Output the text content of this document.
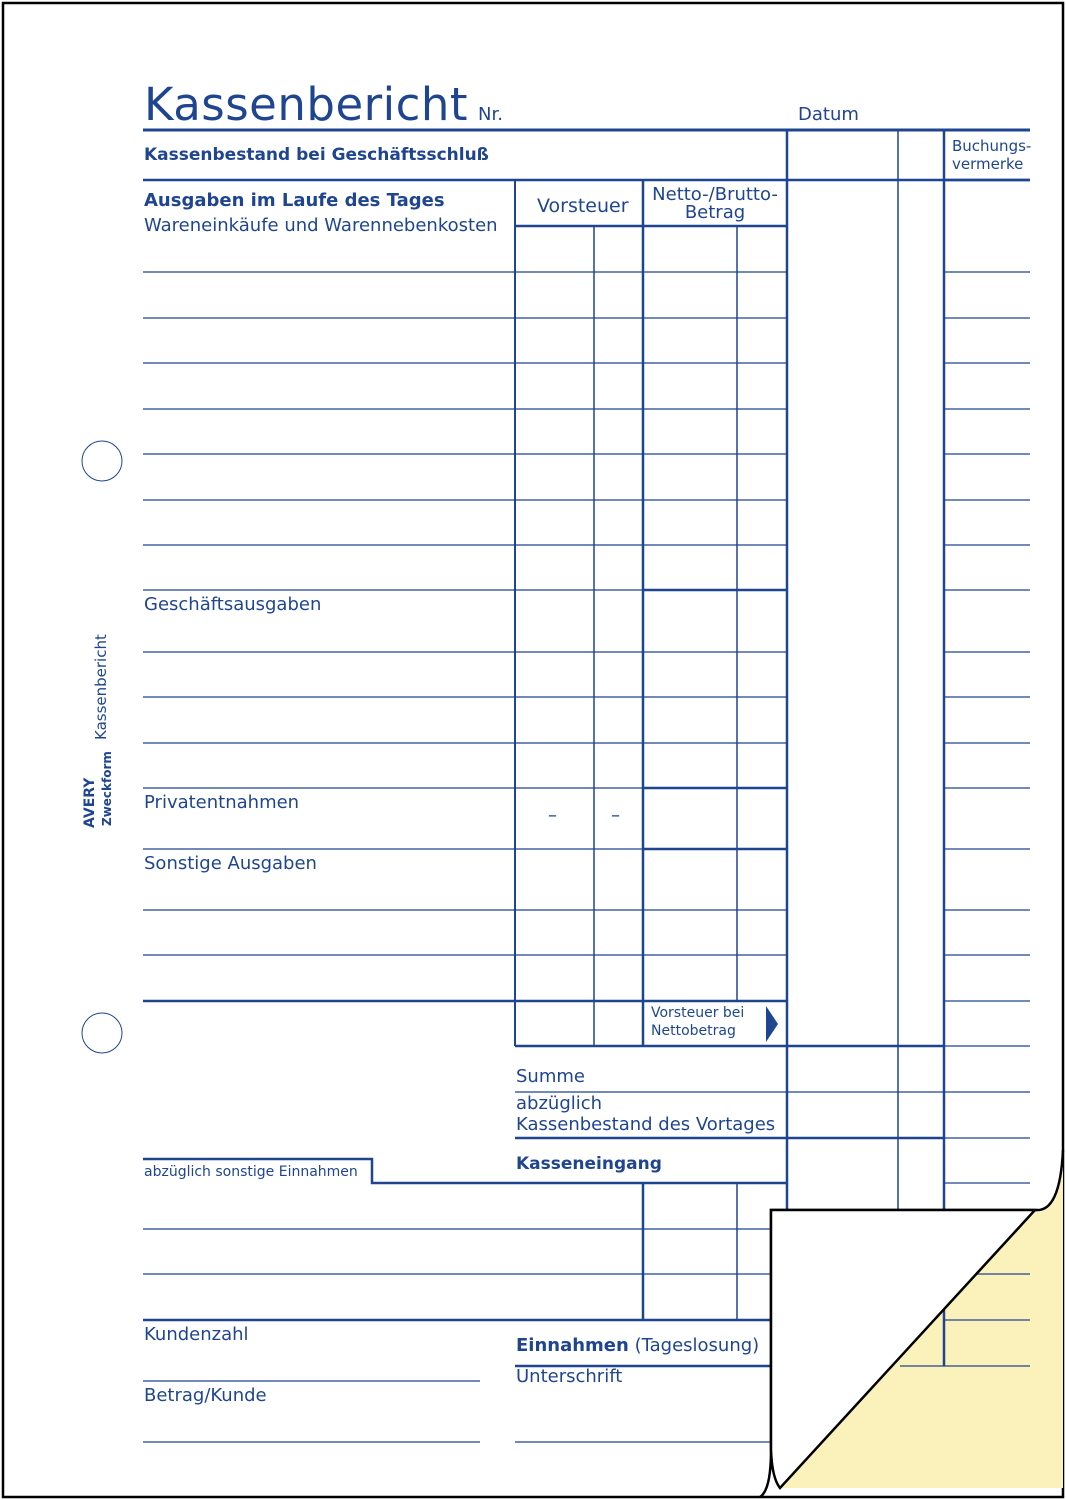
Kassenbericht Nr.	Datum
Buchungs-
vermerke
Kassenbestand bei Geschäftsschluß
Ausgaben im Laufe des Tages
Wareneinkäufe und Warennebenkosten
Vorsteuer
Netto-/Brutto-
Betrag
Geschäftsausgaben
Privatentnahmen
–	–
Sonstige Ausgaben
Vorsteuer bei
Nettobetrag
Summe
abzüglich
Kassenbestand des Vortages
Kasseneingang
abzüglich sonstige Einnahmen
Kundenzahl
Betrag/Kunde
Einnahmen (Tageslosung)
Unterschrift
Kassenbericht
AVERY Zweckform
